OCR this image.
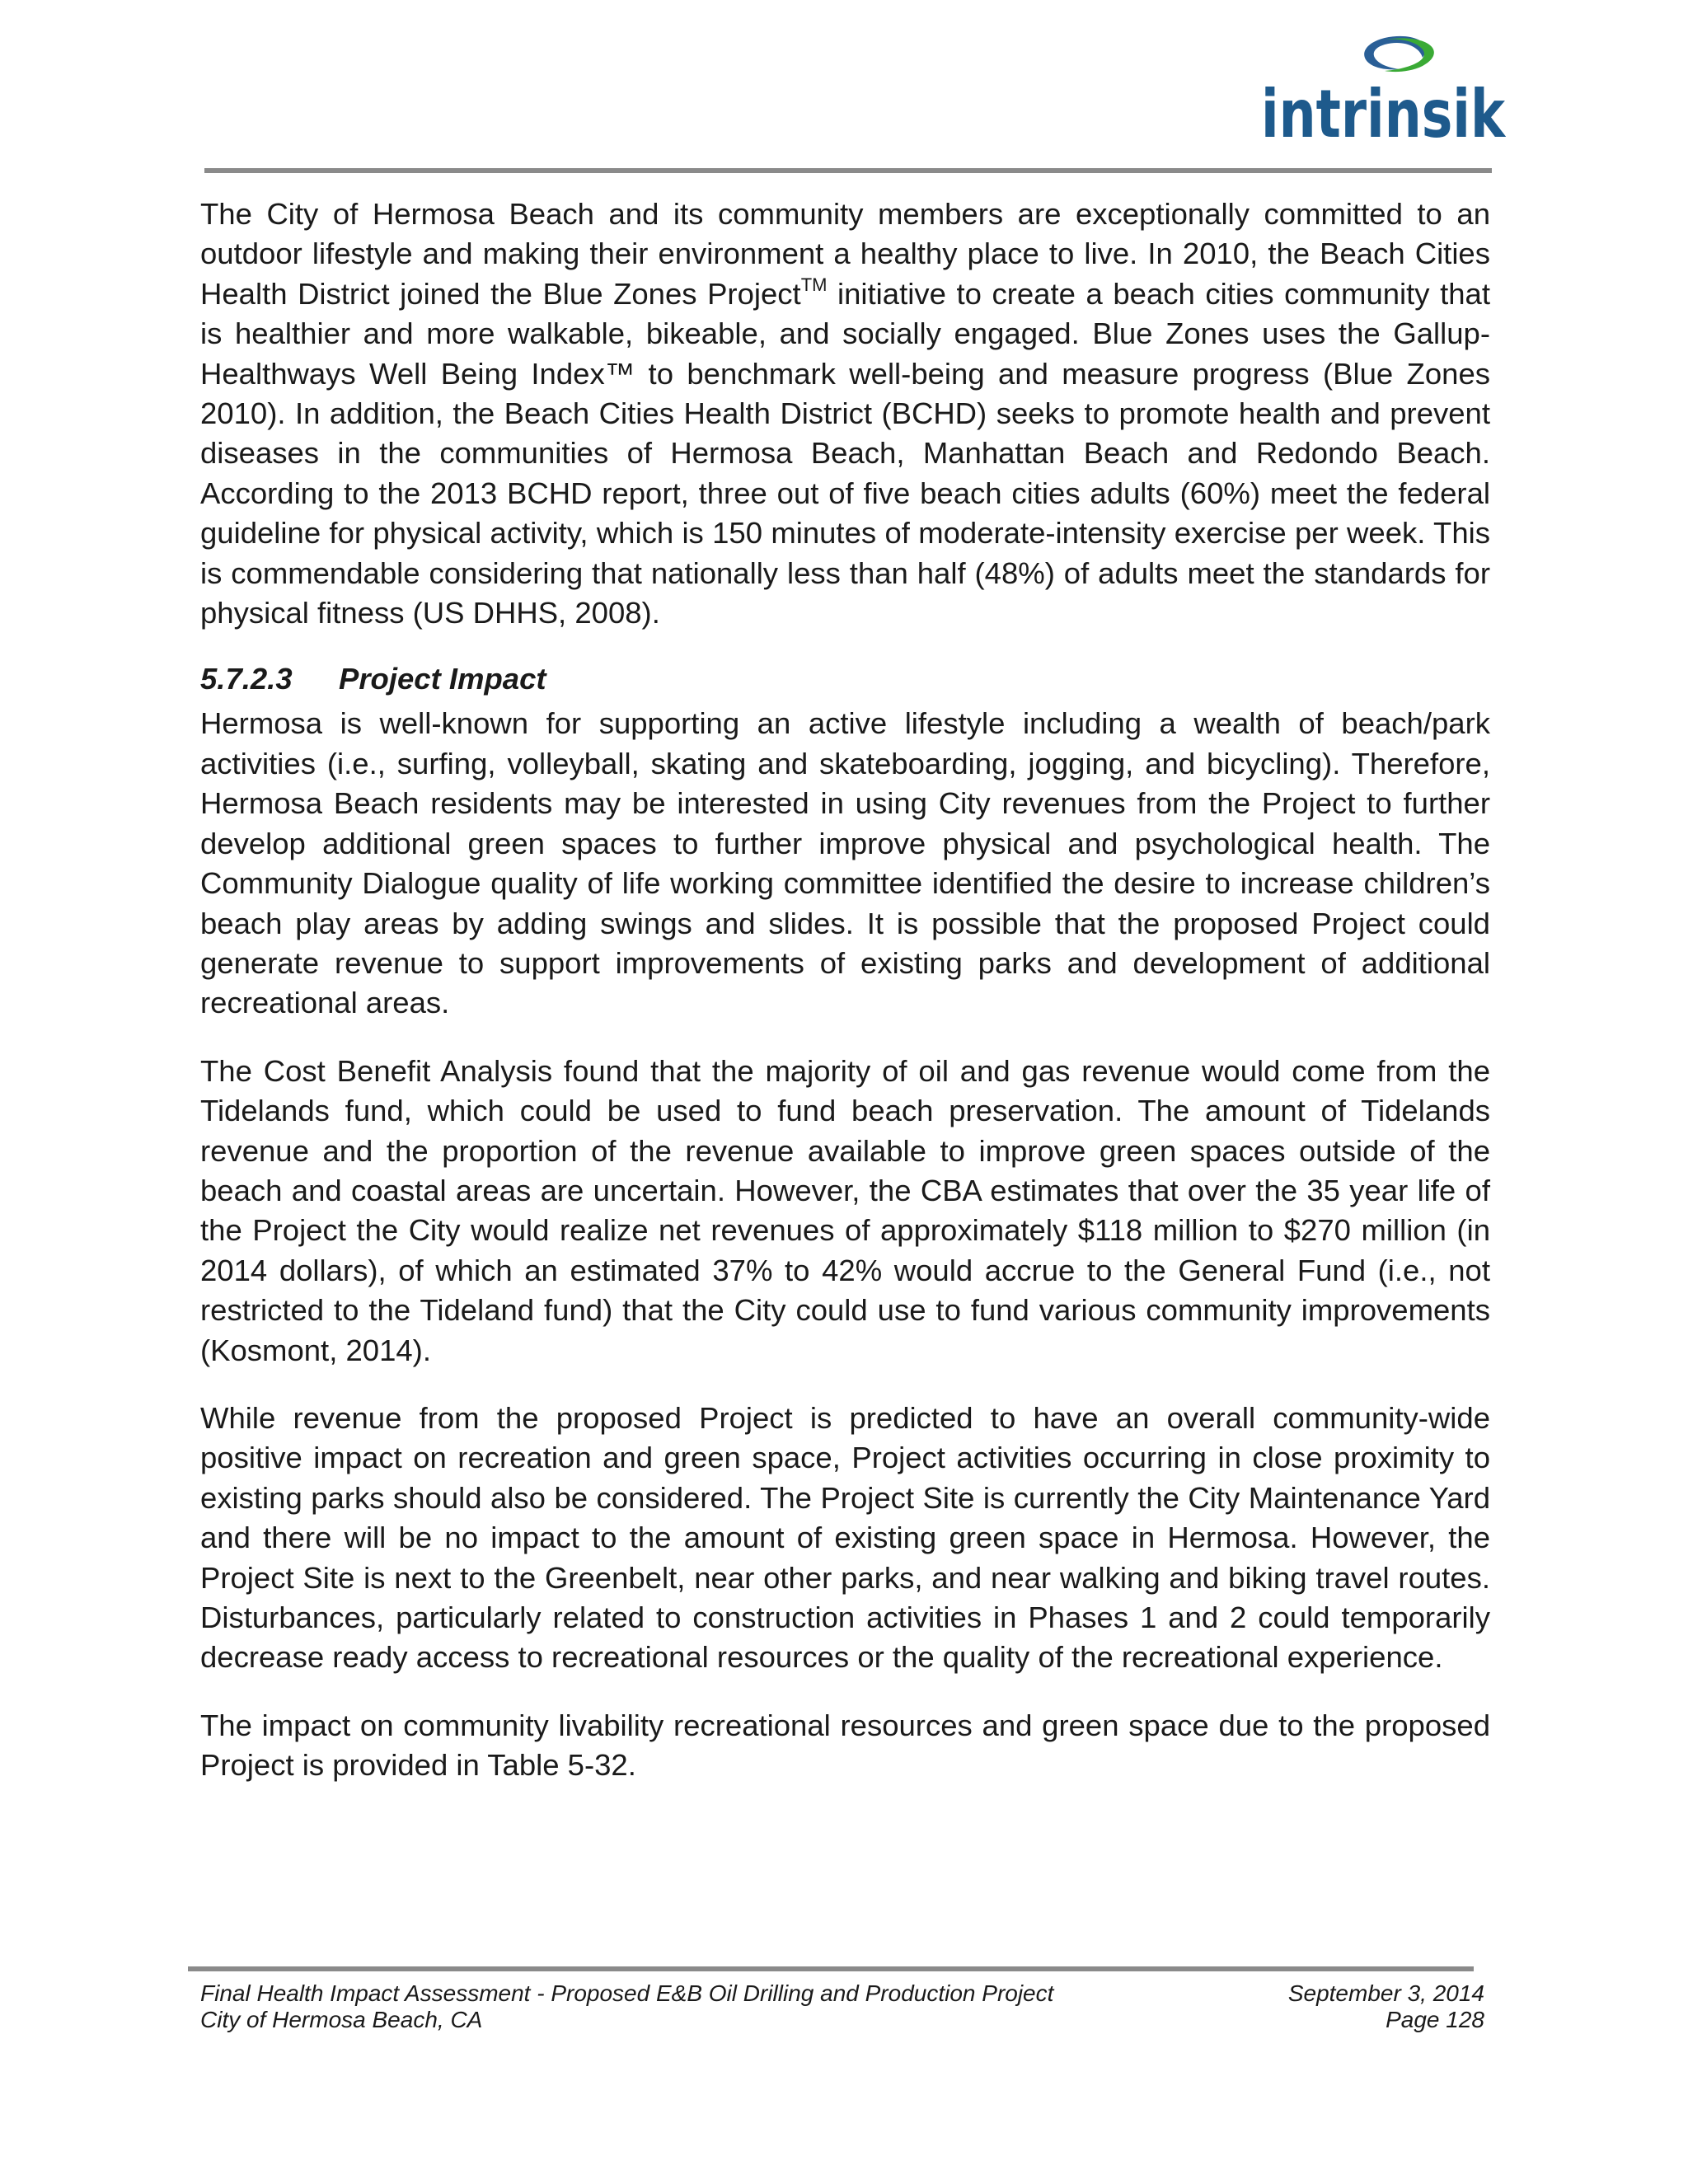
intrinsik

The City of Hermosa Beach and its community members are exceptionally committed to an outdoor lifestyle and making their environment a healthy place to live. In 2010, the Beach Cities Health District joined the Blue Zones Project™ initiative to create a beach cities community that is healthier and more walkable, bikeable, and socially engaged. Blue Zones uses the Gallup-Healthways Well Being Index™ to benchmark well-being and measure progress (Blue Zones 2010). In addition, the Beach Cities Health District (BCHD) seeks to promote health and prevent diseases in the communities of Hermosa Beach, Manhattan Beach and Redondo Beach. According to the 2013 BCHD report, three out of five beach cities adults (60%) meet the federal guideline for physical activity, which is 150 minutes of moderate-intensity exercise per week. This is commendable considering that nationally less than half (48%) of adults meet the standards for physical fitness (US DHHS, 2008).

5.7.2.3 Project Impact

Hermosa is well-known for supporting an active lifestyle including a wealth of beach/park activities (i.e., surfing, volleyball, skating and skateboarding, jogging, and bicycling). Therefore, Hermosa Beach residents may be interested in using City revenues from the Project to further develop additional green spaces to further improve physical and psychological health. The Community Dialogue quality of life working committee identified the desire to increase children’s beach play areas by adding swings and slides. It is possible that the proposed Project could generate revenue to support improvements of existing parks and development of additional recreational areas.

The Cost Benefit Analysis found that the majority of oil and gas revenue would come from the Tidelands fund, which could be used to fund beach preservation. The amount of Tidelands revenue and the proportion of the revenue available to improve green spaces outside of the beach and coastal areas are uncertain. However, the CBA estimates that over the 35 year life of the Project the City would realize net revenues of approximately $118 million to $270 million (in 2014 dollars), of which an estimated 37% to 42% would accrue to the General Fund (i.e., not restricted to the Tideland fund) that the City could use to fund various community improvements (Kosmont, 2014).

While revenue from the proposed Project is predicted to have an overall community-wide positive impact on recreation and green space, Project activities occurring in close proximity to existing parks should also be considered. The Project Site is currently the City Maintenance Yard and there will be no impact to the amount of existing green space in Hermosa. However, the Project Site is next to the Greenbelt, near other parks, and near walking and biking travel routes. Disturbances, particularly related to construction activities in Phases 1 and 2 could temporarily decrease ready access to recreational resources or the quality of the recreational experience.

The impact on community livability recreational resources and green space due to the proposed Project is provided in Table 5-32.

Final Health Impact Assessment - Proposed E&B Oil Drilling and Production Project	September 3, 2014
City of Hermosa Beach, CA	Page 128
